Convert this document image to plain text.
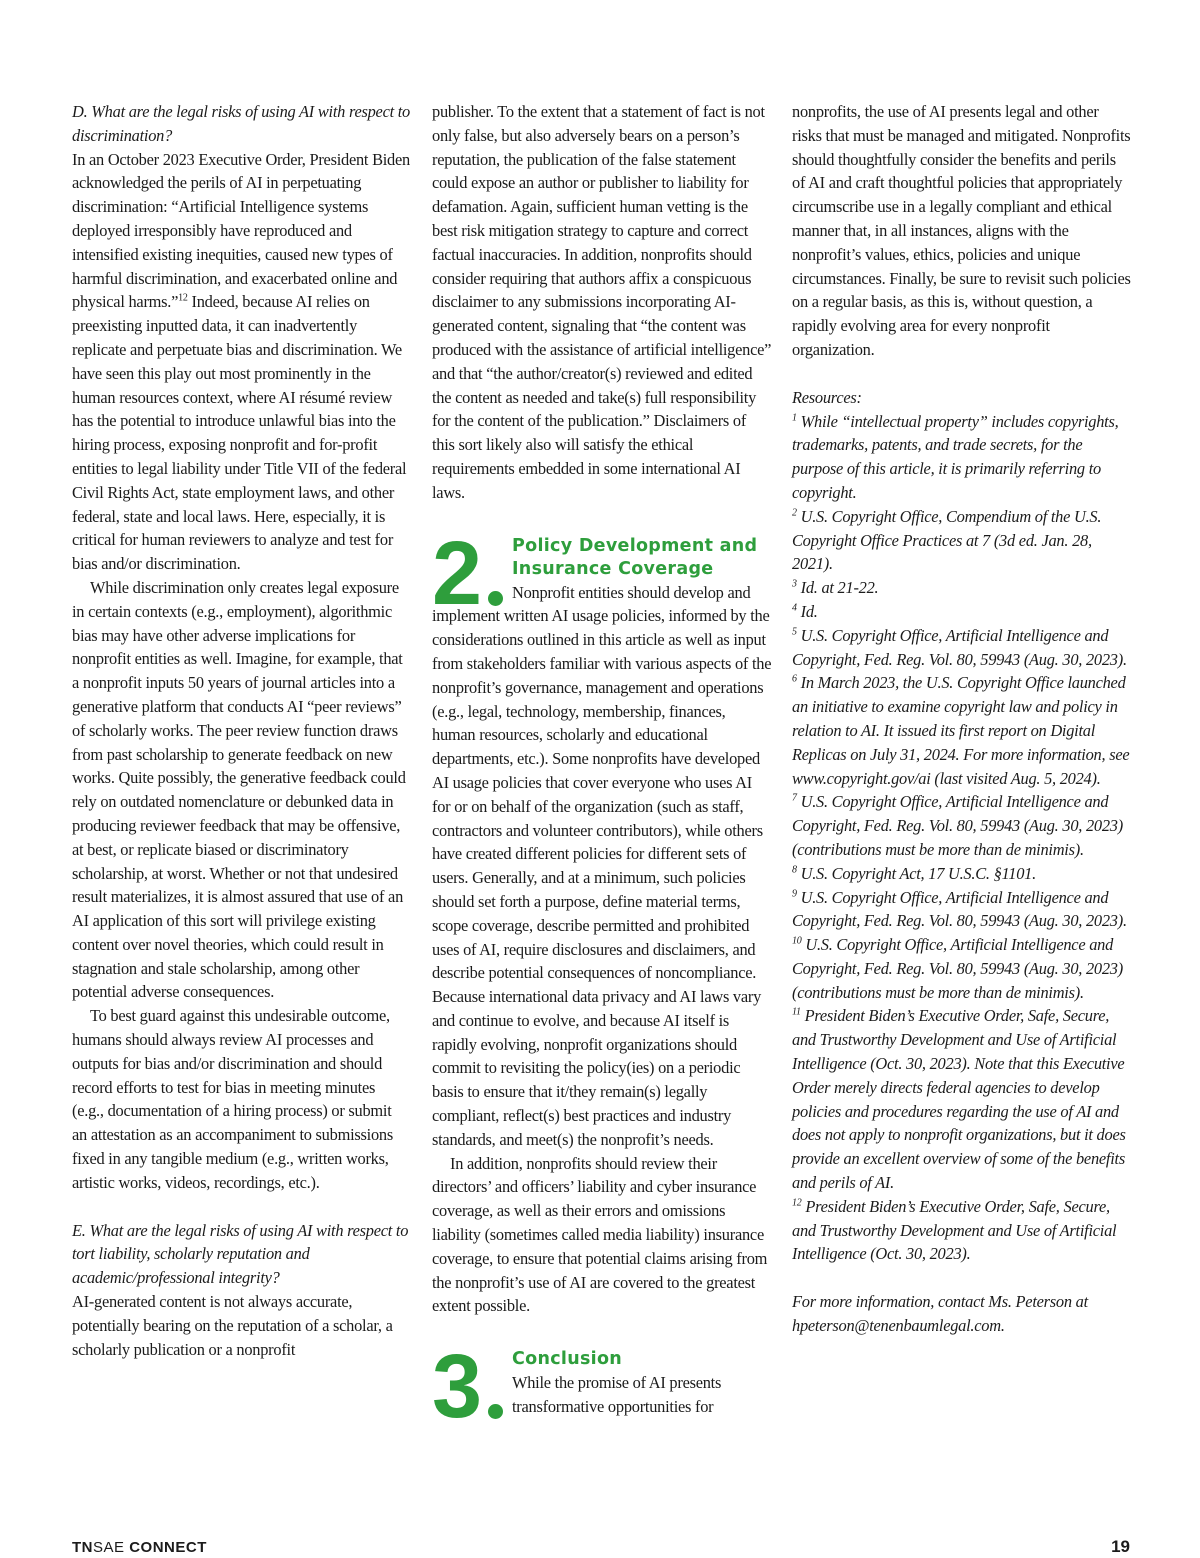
D. What are the legal risks of using AI with respect to discrimination?

In an October 2023 Executive Order, President Biden acknowledged the perils of AI in perpetuating discrimination: “Artificial Intelligence systems deployed irresponsibly have reproduced and intensified existing inequities, caused new types of harmful discrimination, and exacerbated online and physical harms.”$^{12}$ Indeed, because AI relies on preexisting inputted data, it can inadvertently replicate and perpetuate bias and discrimination. We have seen this play out most prominently in the human resources context, where AI résumé review has the potential to introduce unlawful bias into the hiring process, exposing nonprofit and for-profit entities to legal liability under Title VII of the federal Civil Rights Act, state employment laws, and other federal, state and local laws. Here, especially, it is critical for human reviewers to analyze and test for bias and/or discrimination.

While discrimination only creates legal exposure in certain contexts (e.g., employment), algorithmic bias may have other adverse implications for nonprofit entities as well. Imagine, for example, that a nonprofit inputs 50 years of journal articles into a generative platform that conducts AI “peer reviews” of scholarly works. The peer review function draws from past scholarship to generate feedback on new works. Quite possibly, the generative feedback could rely on outdated nomenclature or debunked data in producing reviewer feedback that may be offensive, at best, or replicate biased or discriminatory scholarship, at worst. Whether or not that undesired result materializes, it is almost assured that use of an AI application of this sort will privilege existing content over novel theories, which could result in stagnation and stale scholarship, among other potential adverse consequences.

To best guard against this undesirable outcome, humans should always review AI processes and outputs for bias and/or discrimination and should record efforts to test for bias in meeting minutes (e.g., documentation of a hiring process) or submit an attestation as an accompaniment to submissions fixed in any tangible medium (e.g., written works, artistic works, videos, recordings, etc.).

E. What are the legal risks of using AI with respect to tort liability, scholarly reputation and academic/professional integrity?

AI-generated content is not always accurate, potentially bearing on the reputation of a scholar, a scholarly publication or a nonprofit

publisher. To the extent that a statement of fact is not only false, but also adversely bears on a person’s reputation, the publication of the false statement could expose an author or publisher to liability for defamation. Again, sufficient human vetting is the best risk mitigation strategy to capture and correct factual inaccuracies. In addition, nonprofits should consider requiring that authors affix a conspicuous disclaimer to any submissions incorporating AI-generated content, signaling that “the content was produced with the assistance of artificial intelligence” and that “the author/creator(s) reviewed and edited the content as needed and take(s) full responsibility for the content of the publication.” Disclaimers of this sort likely also will satisfy the ethical requirements embedded in some international AI laws.

2 Policy Development and Insurance Coverage

Nonprofit entities should develop and implement written AI usage policies, informed by the considerations outlined in this article as well as input from stakeholders familiar with various aspects of the nonprofit’s governance, management and operations (e.g., legal, technology, membership, finances, human resources, scholarly and educational departments, etc.). Some nonprofits have developed AI usage policies that cover everyone who uses AI for or on behalf of the organization (such as staff, contractors and volunteer contributors), while others have created different policies for different sets of users. Generally, and at a minimum, such policies should set forth a purpose, define material terms, scope coverage, describe permitted and prohibited uses of AI, require disclosures and disclaimers, and describe potential consequences of noncompliance. Because international data privacy and AI laws vary and continue to evolve, and because AI itself is rapidly evolving, nonprofit organizations should commit to revisiting the policy(ies) on a periodic basis to ensure that it/they remain(s) legally compliant, reflect(s) best practices and industry standards, and meet(s) the nonprofit’s needs.

In addition, nonprofits should review their directors’ and officers’ liability and cyber insurance coverage, as well as their errors and omissions liability (sometimes called media liability) insurance coverage, to ensure that potential claims arising from the nonprofit’s use of AI are covered to the greatest extent possible.

3 Conclusion

While the promise of AI presents transformative opportunities for

nonprofits, the use of AI presents legal and other risks that must be managed and mitigated. Nonprofits should thoughtfully consider the benefits and perils of AI and craft thoughtful policies that appropriately circumscribe use in a legally compliant and ethical manner that, in all instances, aligns with the nonprofit’s values, ethics, policies and unique circumstances. Finally, be sure to revisit such policies on a regular basis, as this is, without question, a rapidly evolving area for every nonprofit organization.

Resources:

$^1$ While “intellectual property” includes copyrights, trademarks, patents, and trade secrets, for the purpose of this article, it is primarily referring to copyright.

$^2$ U.S. Copyright Office, Compendium of the U.S. Copyright Office Practices at 7 (3d ed. Jan. 28, 2021).

$^3$ Id. at 21-22.

$^4$ Id.

$^5$ U.S. Copyright Office, Artificial Intelligence and Copyright, Fed. Reg. Vol. 80, 59943 (Aug. 30, 2023).

$^6$ In March 2023, the U.S. Copyright Office launched an initiative to examine copyright law and policy in relation to AI. It issued its first report on Digital Replicas on July 31, 2024. For more information, see www.copyright.gov/ai (last visited Aug. 5, 2024).

$^7$ U.S. Copyright Office, Artificial Intelligence and Copyright, Fed. Reg. Vol. 80, 59943 (Aug. 30, 2023) (contributions must be more than de minimis).

$^8$ U.S. Copyright Act, 17 U.S.C. §1101.

$^9$ U.S. Copyright Office, Artificial Intelligence and Copyright, Fed. Reg. Vol. 80, 59943 (Aug. 30, 2023).

$^{10}$ U.S. Copyright Office, Artificial Intelligence and Copyright, Fed. Reg. Vol. 80, 59943 (Aug. 30, 2023) (contributions must be more than de minimis).

$^{11}$ President Biden’s Executive Order, Safe, Secure, and Trustworthy Development and Use of Artificial Intelligence (Oct. 30, 2023). Note that this Executive Order merely directs federal agencies to develop policies and procedures regarding the use of AI and does not apply to nonprofit organizations, but it does provide an excellent overview of some of the benefits and perils of AI.

$^{12}$ President Biden’s Executive Order, Safe, Secure, and Trustworthy Development and Use of Artificial Intelligence (Oct. 30, 2023).

For more information, contact Ms. Peterson at hpeterson@tenenbaumlegal.com.

TNSAE CONNECT	19
